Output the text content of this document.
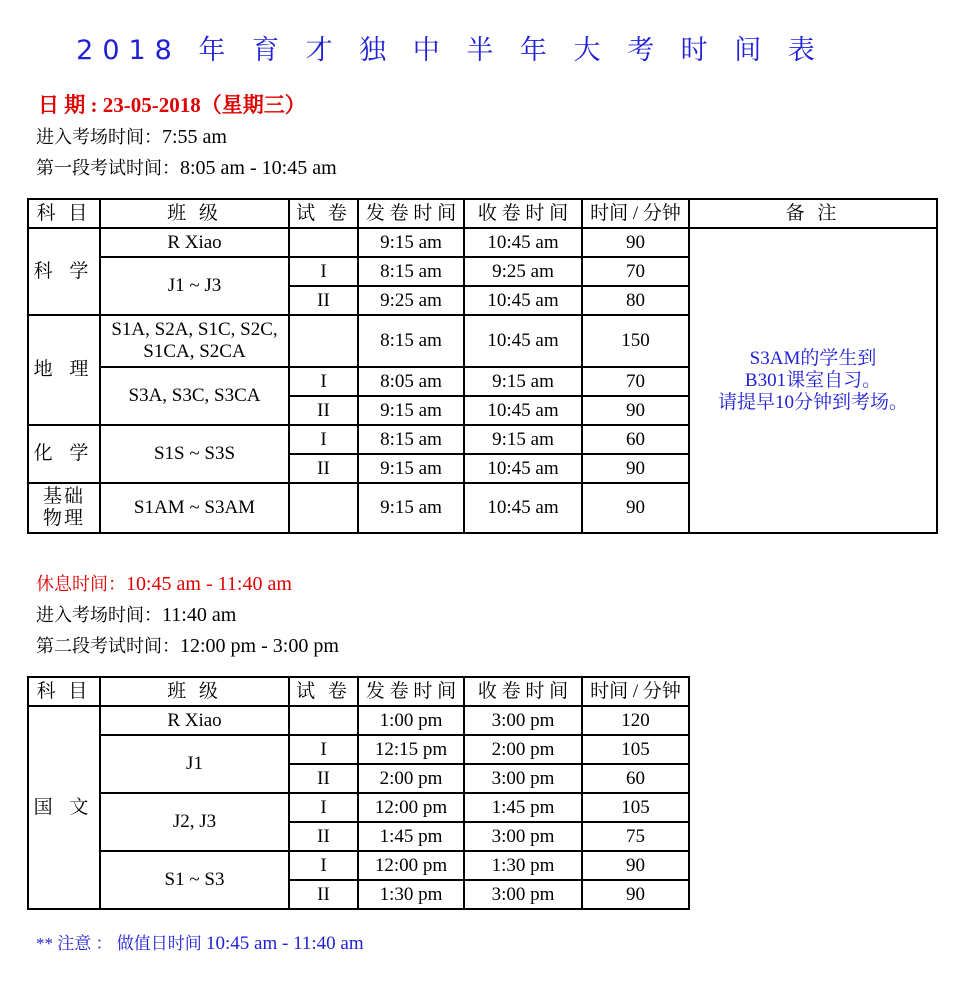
2018 年 育 才 独 中 半 年 大 考 时 间 表
日 期 : 23-05-2018（星期三）
进入考场时间：7:55 am
第一段考试时间：8:05 am - 10:45 am
科 目	班 级	试 卷	发 卷 时 间	收 卷 时 间	时间 / 分钟	备 注
科 学	R Xiao		9:15 am	10:45 am	90	S3AM的学生到
B301课室自习。
请提早10分钟到考场。

	J1 ~ J3	I	8:15 am	9:25 am	70	
		II	9:25 am	10:45 am	80	
地 理	S1A, S2A, S1C, S2C,
S1CA, S2CA		8:15 am	10:45 am	150	
	S3A, S3C, S3CA	I	8:05 am	9:15 am	70	
		II	9:15 am	10:45 am	90	
化 学	S1S ~ S3S	I	8:15 am	9:15 am	60	
		II	9:15 am	10:45 am	90	

基础
物理	S1AM ~ S3AM		9:15 am	10:45 am	90	
休息时间：10:45 am - 11:40 am
进入考场时间：11:40 am
第二段考试时间：12:00 pm - 3:00 pm
科 目	班 级	试 卷	发 卷 时 间	收 卷 时 间	时间 / 分钟
国 文	R Xiao		1:00 pm	3:00 pm	120
	J1	I	12:15 pm	2:00 pm	105
		II	2:00 pm	3:00 pm	60
	J2, J3	I	12:00 pm	1:45 pm	105
		II	1:45 pm	3:00 pm	75
	S1 ~ S3	I	12:00 pm	1:30 pm	90
		II	1:30 pm	3:00 pm	90
** 注意 ： 做值日时间 10:45 am - 11:40 am
